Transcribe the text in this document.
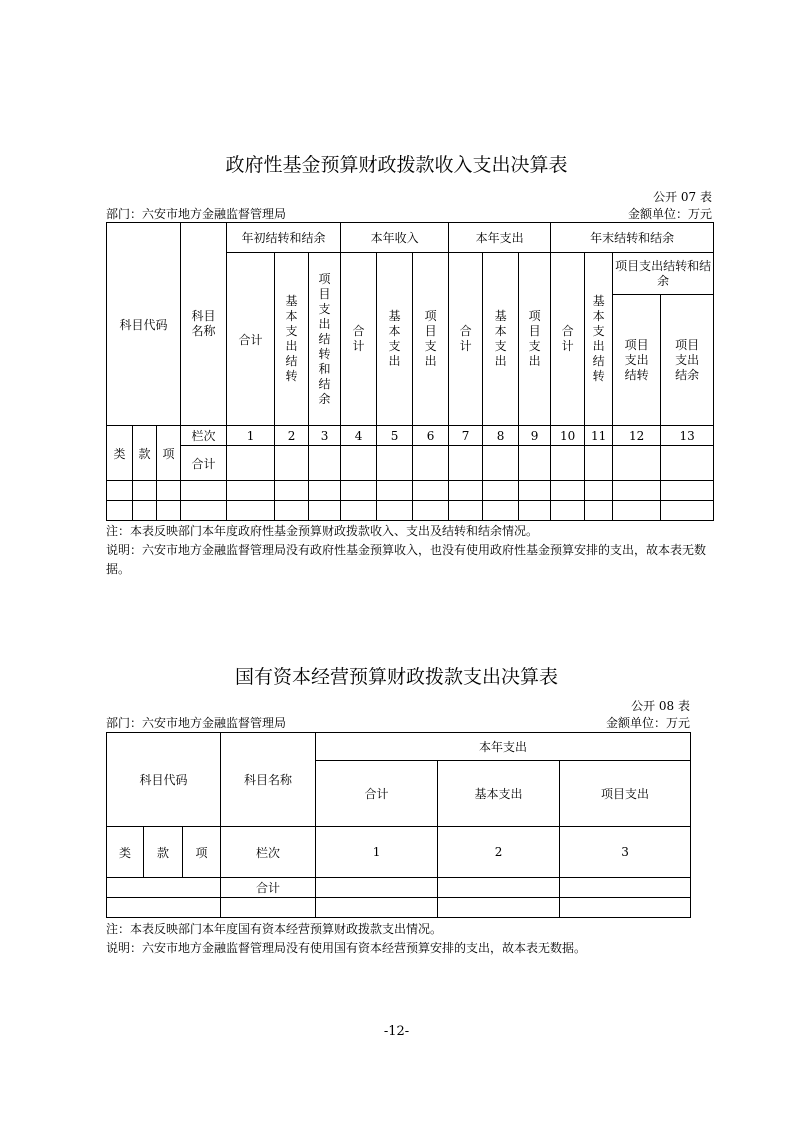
政府性基金预算财政拨款收入支出决算表
公开 07 表
部门：六安市地方金融监督管理局	金额单位：万元
科目代码			科目名称	年初结转和结余			本年收入			本年支出			年末结转和结余			
				合计	基本支出结转	项目支出结转和结余	合计	基本支出	项目支出	合计	基本支出	项目支出	合计	基本支出结转	项目支出结转和结余	

															项目支出结转	项目支出结余

类	款	项	栏次	1	2	3	4	5	6	7	8	9	10	11	12	13
			合计													

注：本表反映部门本年度政府性基金预算财政拨款收入、支出及结转和结余情况。
说明：六安市地方金融监督管理局没有政府性基金预算收入，也没有使用政府性基金预算安排的支出，故本表无数据。
国有资本经营预算财政拨款支出决算表
公开 08 表
部门：六安市地方金融监督管理局	金额单位：万元
科目代码			科目名称	本年支出		
				合计	基本支出	项目支出
类	款	项	栏次	1	2	3
			合计			

注：本表反映部门本年度国有资本经营预算财政拨款支出情况。
说明：六安市地方金融监督管理局没有使用国有资本经营预算安排的支出，故本表无数据。
-12-
